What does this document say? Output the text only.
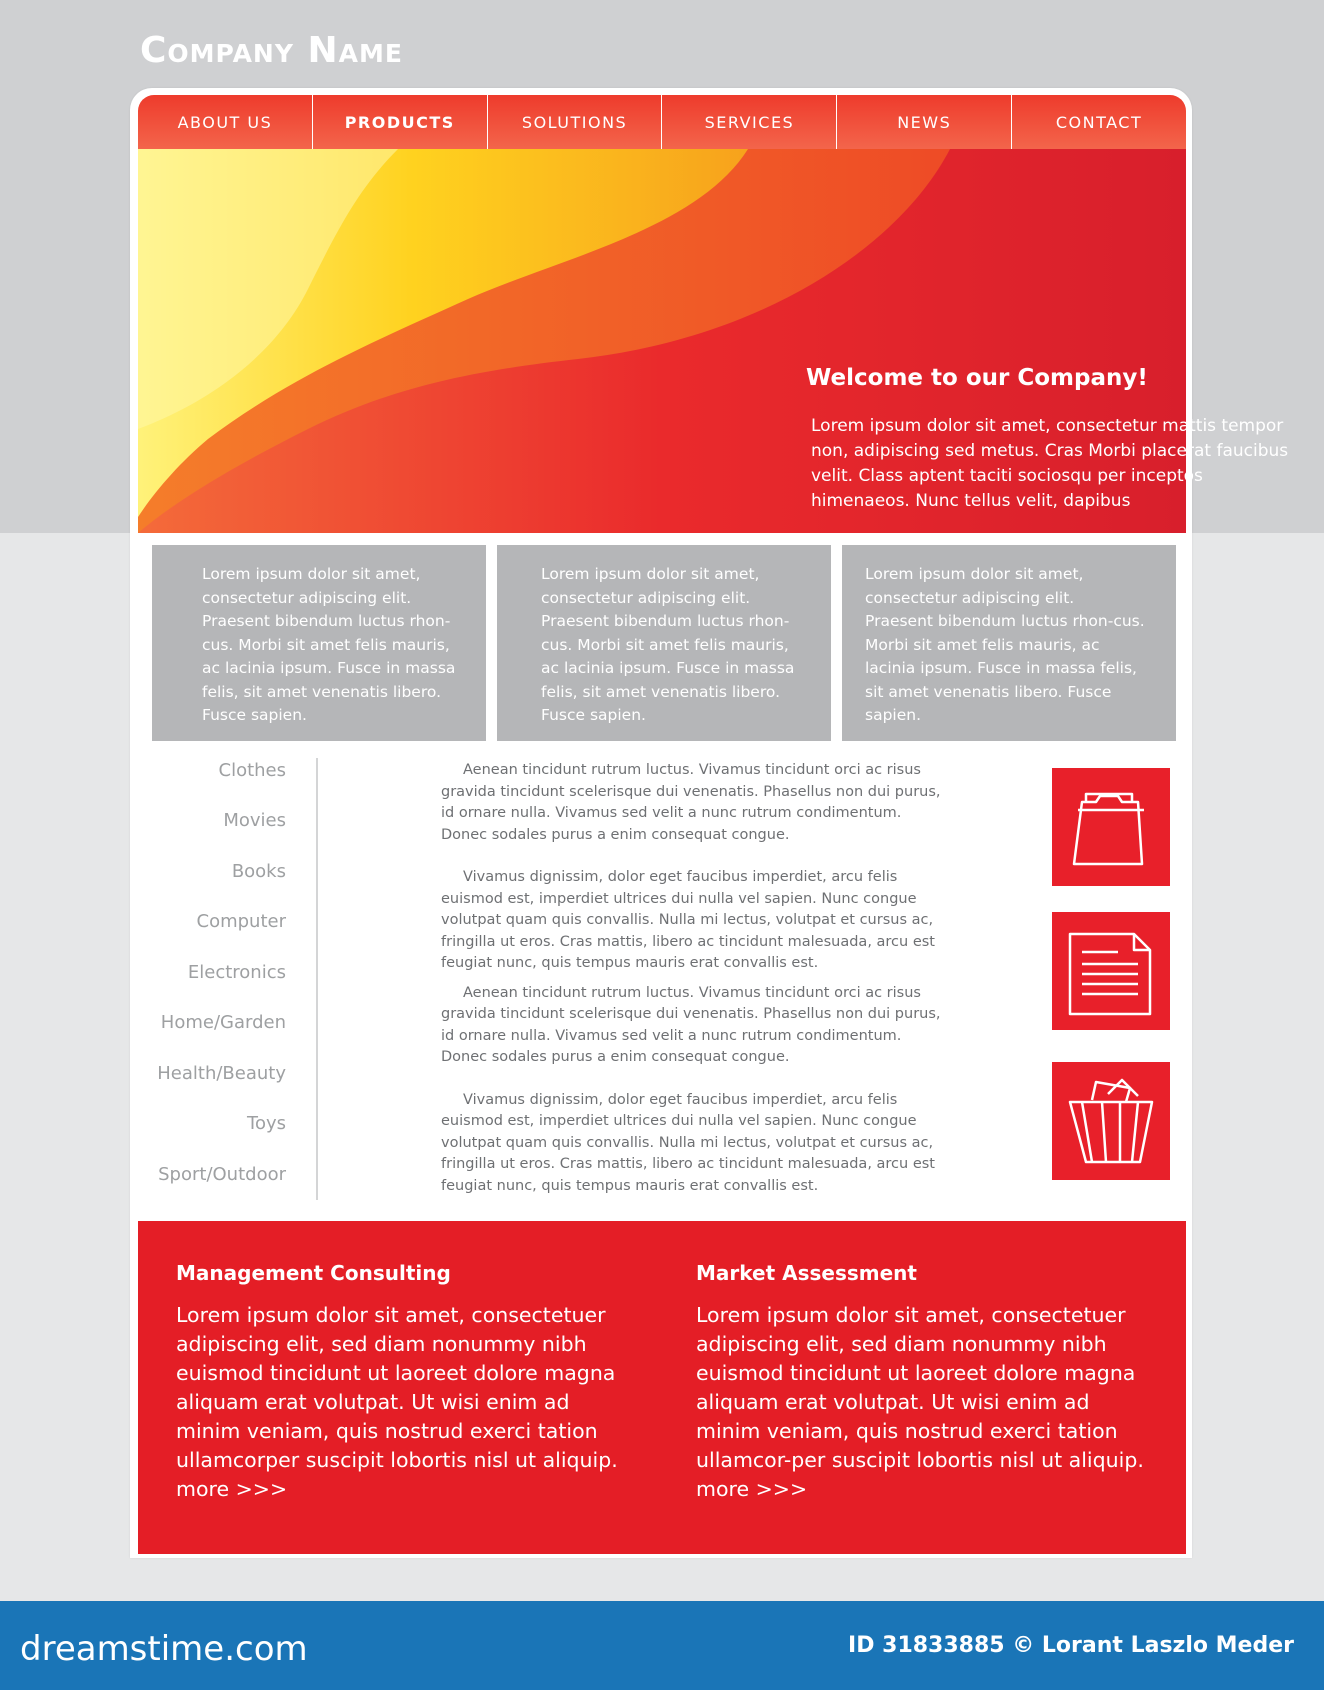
Company Name
ABOUT US	PRODUCTS	SOLUTIONS	SERVICES	NEWS	CONTACT
Welcome to our Company!
Lorem ipsum dolor sit amet, consectetur mattis tempor non, adipiscing sed metus. Cras Morbi placerat faucibus velit. Class aptent taciti sociosqu per inceptos himenaeos. Nunc tellus velit, dapibus
Lorem ipsum dolor sit amet, consectetur adipiscing elit. Praesent bibendum luctus rhon-cus. Morbi sit amet felis mauris, ac lacinia ipsum. Fusce in massa felis, sit amet venenatis libero. Fusce sapien.
Lorem ipsum dolor sit amet, consectetur adipiscing elit. Praesent bibendum luctus rhon-cus. Morbi sit amet felis mauris, ac lacinia ipsum. Fusce in massa felis, sit amet venenatis libero. Fusce sapien.
Lorem ipsum dolor sit amet, consectetur adipiscing elit. Praesent bibendum luctus rhon-cus. Morbi sit amet felis mauris, ac lacinia ipsum. Fusce in massa felis, sit amet venenatis libero. Fusce sapien.
Clothes
Movies
Books
Computer
Electronics
Home/Garden
Health/Beauty
Toys
Sport/Outdoor

Aenean tincidunt rutrum luctus. Vivamus tincidunt orci ac risus gravida tincidunt scelerisque dui venenatis. Phasellus non dui purus, id ornare nulla. Vivamus sed velit a nunc rutrum condimentum. Donec sodales purus a enim consequat congue.

Vivamus dignissim, dolor eget faucibus imperdiet, arcu felis euismod est, imperdiet ultrices dui nulla vel sapien. Nunc congue volutpat quam quis convallis. Nulla mi lectus, volutpat et cursus ac, fringilla ut eros. Cras mattis, libero ac tincidunt malesuada, arcu est feugiat nunc, quis tempus mauris erat convallis est.

Aenean tincidunt rutrum luctus. Vivamus tincidunt orci ac risus gravida tincidunt scelerisque dui venenatis. Phasellus non dui purus, id ornare nulla. Vivamus sed velit a nunc rutrum condimentum. Donec sodales purus a enim consequat congue.

Vivamus dignissim, dolor eget faucibus imperdiet, arcu felis euismod est, imperdiet ultrices dui nulla vel sapien. Nunc congue volutpat quam quis convallis. Nulla mi lectus, volutpat et cursus ac, fringilla ut eros. Cras mattis, libero ac tincidunt malesuada, arcu est feugiat nunc, quis tempus mauris erat convallis est.

Management Consulting

Lorem ipsum dolor sit amet, consectetuer adipiscing elit, sed diam nonummy nibh euismod tincidunt ut laoreet dolore magna aliquam erat volutpat. Ut wisi enim ad minim veniam, quis nostrud exerci tation ullamcorper suscipit lobortis nisl ut aliquip.

more >>>

Market Assessment

Lorem ipsum dolor sit amet, consectetuer adipiscing elit, sed diam nonummy nibh euismod tincidunt ut laoreet dolore magna aliquam erat volutpat. Ut wisi enim ad minim veniam, quis nostrud exerci tation ullamcor-per suscipit lobortis nisl ut aliquip.

more >>>

dreamstime.com	ID 31833885 © Lorant Laszlo Meder
